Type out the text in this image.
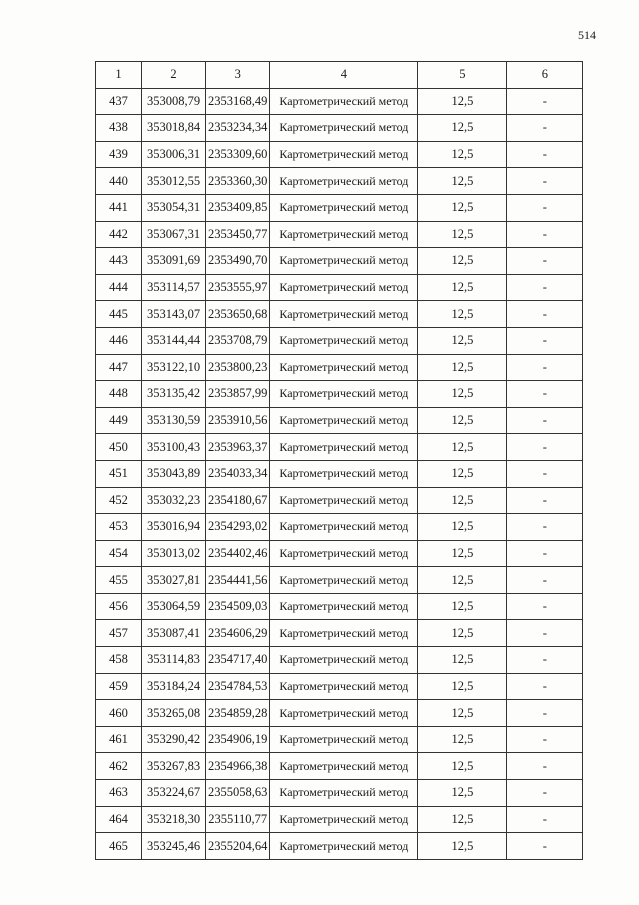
514
1	2	3	4	5	6
437	353008,79	2353168,49	Картометрический метод	12,5	-
438	353018,84	2353234,34	Картометрический метод	12,5	-
439	353006,31	2353309,60	Картометрический метод	12,5	-
440	353012,55	2353360,30	Картометрический метод	12,5	-
441	353054,31	2353409,85	Картометрический метод	12,5	-
442	353067,31	2353450,77	Картометрический метод	12,5	-
443	353091,69	2353490,70	Картометрический метод	12,5	-
444	353114,57	2353555,97	Картометрический метод	12,5	-
445	353143,07	2353650,68	Картометрический метод	12,5	-
446	353144,44	2353708,79	Картометрический метод	12,5	-
447	353122,10	2353800,23	Картометрический метод	12,5	-
448	353135,42	2353857,99	Картометрический метод	12,5	-
449	353130,59	2353910,56	Картометрический метод	12,5	-
450	353100,43	2353963,37	Картометрический метод	12,5	-
451	353043,89	2354033,34	Картометрический метод	12,5	-
452	353032,23	2354180,67	Картометрический метод	12,5	-
453	353016,94	2354293,02	Картометрический метод	12,5	-
454	353013,02	2354402,46	Картометрический метод	12,5	-
455	353027,81	2354441,56	Картометрический метод	12,5	-
456	353064,59	2354509,03	Картометрический метод	12,5	-
457	353087,41	2354606,29	Картометрический метод	12,5	-
458	353114,83	2354717,40	Картометрический метод	12,5	-
459	353184,24	2354784,53	Картометрический метод	12,5	-
460	353265,08	2354859,28	Картометрический метод	12,5	-
461	353290,42	2354906,19	Картометрический метод	12,5	-
462	353267,83	2354966,38	Картометрический метод	12,5	-
463	353224,67	2355058,63	Картометрический метод	12,5	-
464	353218,30	2355110,77	Картометрический метод	12,5	-
465	353245,46	2355204,64	Картометрический метод	12,5	-
